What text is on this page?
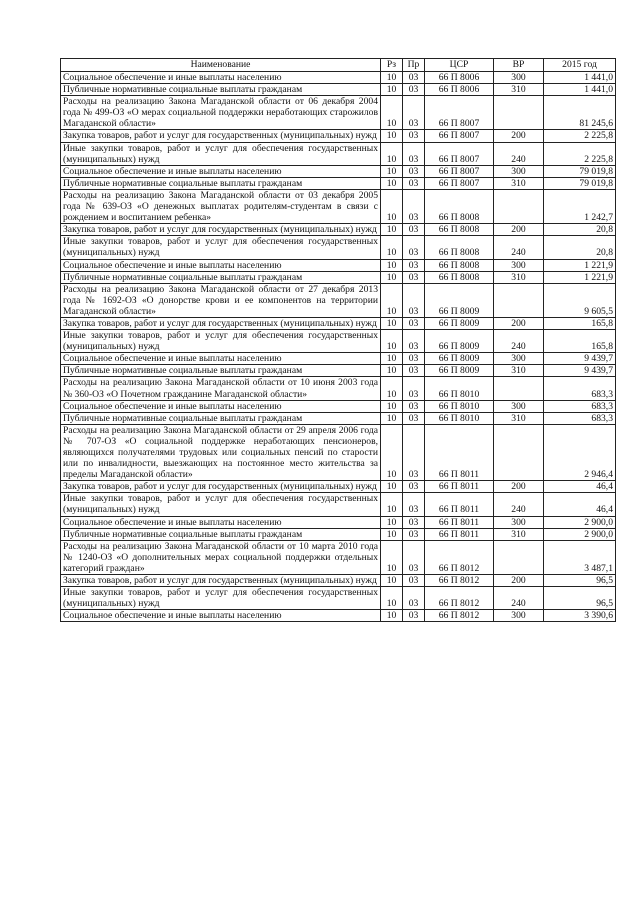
Наименование	Рз	Пр	ЦСР	ВР	2015 год
Социальное обеспечение и иные выплаты населению	10	03	66 П 8006	300	1 441,0
Публичные нормативные социальные выплаты гражданам	10	03	66 П 8006	310	1 441,0
Расходы на реализацию Закона Магаданской области от 06 декабря 2004 года № 499-ОЗ «О мерах социальной поддержки неработающих старожилов Магаданской области»	10	03	66 П 8007		81 245,6
Закупка товаров, работ и услуг для государственных (муниципальных) нужд	10	03	66 П 8007	200	2 225,8
Иные закупки товаров, работ и услуг для обеспечения государственных (муниципальных) нужд	10	03	66 П 8007	240	2 225,8
Социальное обеспечение и иные выплаты населению	10	03	66 П 8007	300	79 019,8
Публичные нормативные социальные выплаты гражданам	10	03	66 П 8007	310	79 019,8
Расходы на реализацию Закона Магаданской области от 03 декабря 2005 года № 639-ОЗ «О денежных выплатах родителям-студентам в связи с рождением и воспитанием ребенка»	10	03	66 П 8008		1 242,7
Закупка товаров, работ и услуг для государственных (муниципальных) нужд	10	03	66 П 8008	200	20,8
Иные закупки товаров, работ и услуг для обеспечения государственных (муниципальных) нужд	10	03	66 П 8008	240	20,8
Социальное обеспечение и иные выплаты населению	10	03	66 П 8008	300	1 221,9
Публичные нормативные социальные выплаты гражданам	10	03	66 П 8008	310	1 221,9
Расходы на реализацию Закона Магаданской области от 27 декабря 2013 года № 1692-ОЗ «О донорстве крови и ее компонентов на территории Магаданской области»	10	03	66 П 8009		9 605,5
Закупка товаров, работ и услуг для государственных (муниципальных) нужд	10	03	66 П 8009	200	165,8
Иные закупки товаров, работ и услуг для обеспечения государственных (муниципальных) нужд	10	03	66 П 8009	240	165,8
Социальное обеспечение и иные выплаты населению	10	03	66 П 8009	300	9 439,7
Публичные нормативные социальные выплаты гражданам	10	03	66 П 8009	310	9 439,7
Расходы на реализацию Закона Магаданской области от 10 июня 2003 года № 360-ОЗ «О Почетном гражданине Магаданской области»	10	03	66 П 8010		683,3
Социальное обеспечение и иные выплаты населению	10	03	66 П 8010	300	683,3
Публичные нормативные социальные выплаты гражданам	10	03	66 П 8010	310	683,3
Расходы на реализацию Закона Магаданской области от 29 апреля 2006 года № 707-ОЗ «О социальной поддержке неработающих пенсионеров, являющихся получателями трудовых или социальных пенсий по старости или по инвалидности, выезжающих на постоянное место жительства за пределы Магаданской области»	10	03	66 П 8011		2 946,4
Закупка товаров, работ и услуг для государственных (муниципальных) нужд	10	03	66 П 8011	200	46,4
Иные закупки товаров, работ и услуг для обеспечения государственных (муниципальных) нужд	10	03	66 П 8011	240	46,4
Социальное обеспечение и иные выплаты населению	10	03	66 П 8011	300	2 900,0
Публичные нормативные социальные выплаты гражданам	10	03	66 П 8011	310	2 900,0
Расходы на реализацию Закона Магаданской области от 10 марта 2010 года № 1240-ОЗ «О дополнительных мерах социальной поддержки отдельных категорий граждан»	10	03	66 П 8012		3 487,1
Закупка товаров, работ и услуг для государственных (муниципальных) нужд	10	03	66 П 8012	200	96,5
Иные закупки товаров, работ и услуг для обеспечения государственных (муниципальных) нужд	10	03	66 П 8012	240	96,5
Социальное обеспечение и иные выплаты населению	10	03	66 П 8012	300	3 390,6
